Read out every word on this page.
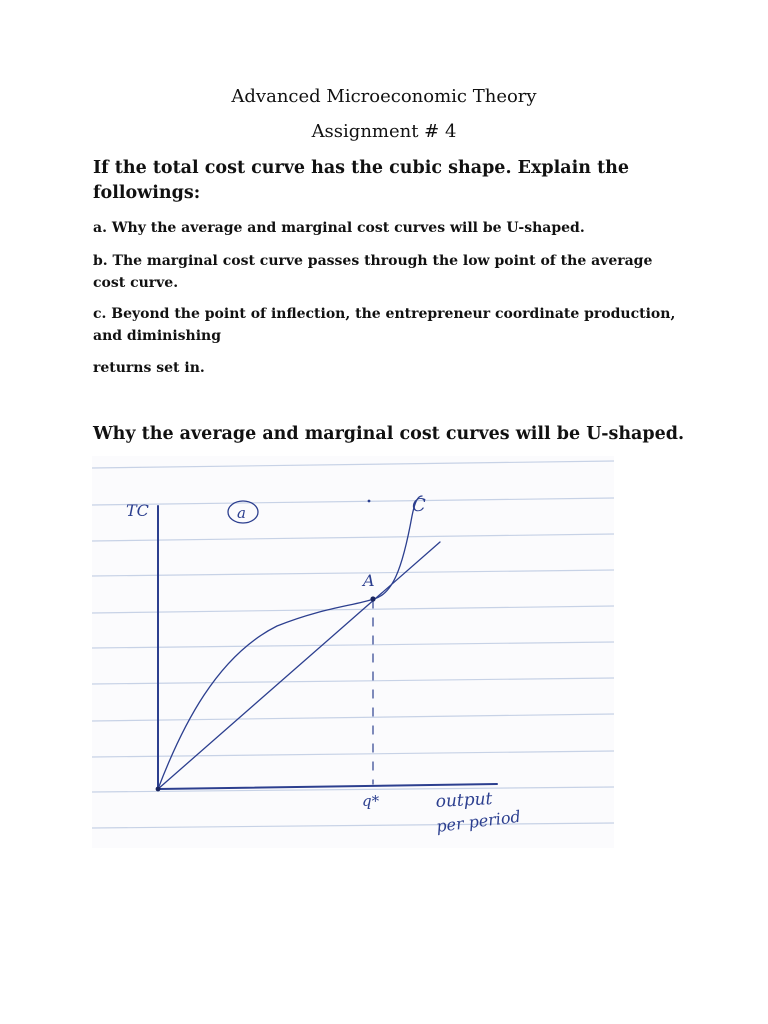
Advanced Microeconomic Theory
Assignment # 4
If the total cost curve has the cubic shape. Explain the followings:
a. Why the average and marginal cost curves will be U-shaped.
b. The marginal cost curve passes through the low point of the average cost curve.
c. Beyond the point of inflection, the entrepreneur coordinate production, and diminishing
returns set in.
Why the average and marginal cost curves will be U-shaped.
TC	a	C
A
q*	output
per period
